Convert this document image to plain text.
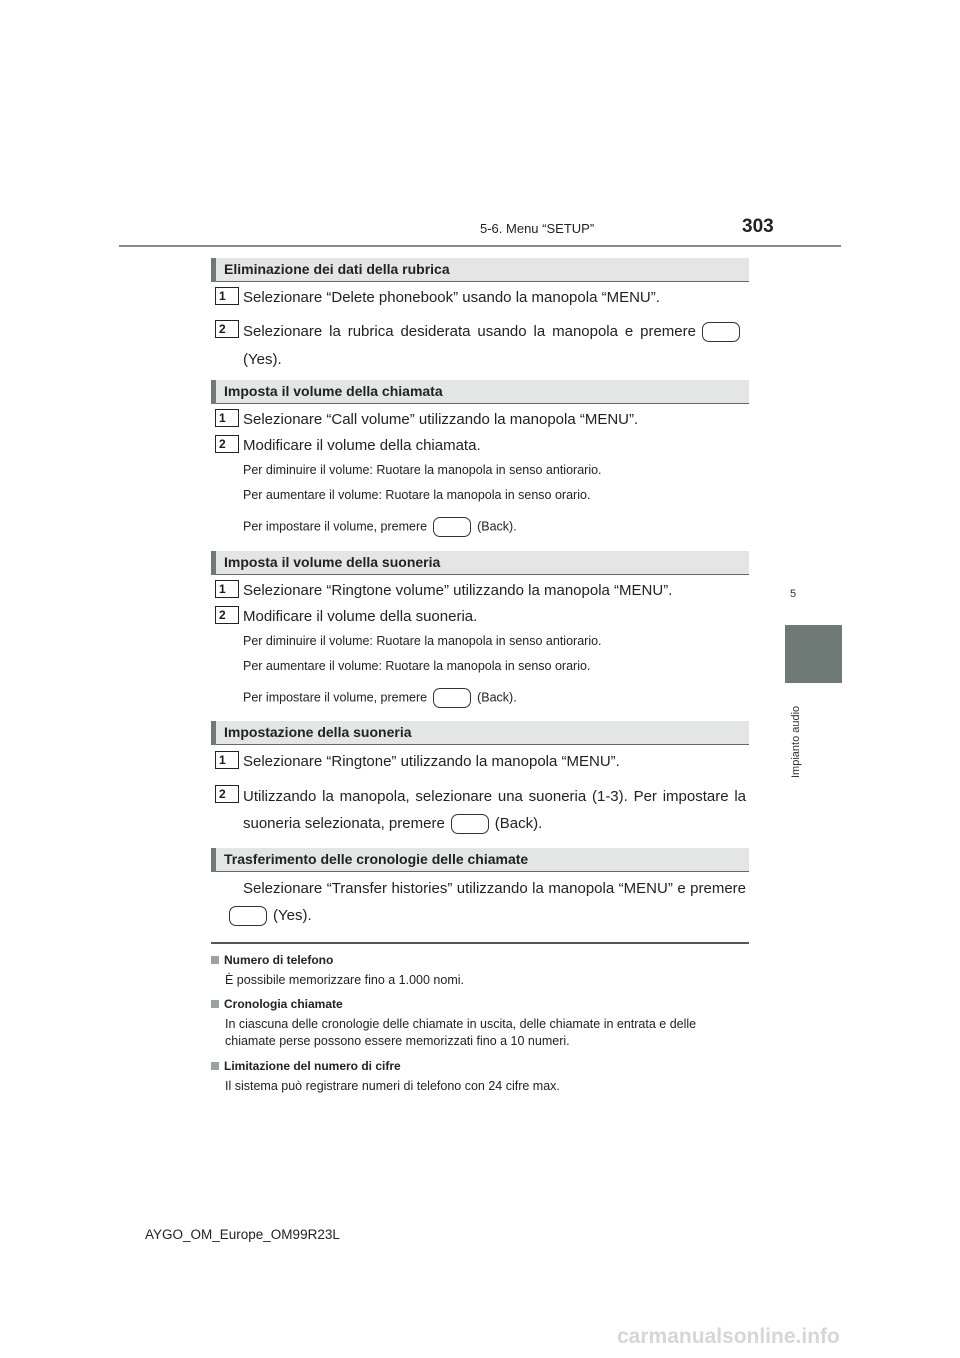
5-6. Menu “SETUP”	303
5
Impianto audio
Eliminazione dei dati della rubrica
1	Selezionare “Delete phonebook” usando la manopola “MENU”.
2	Selezionare la rubrica desiderata usando la manopola e premere
(Yes).
Imposta il volume della chiamata
1	Selezionare “Call volume” utilizzando la manopola “MENU”.
2	Modificare il volume della chiamata.
Per diminuire il volume: Ruotare la manopola in senso antiorario.
Per aumentare il volume: Ruotare la manopola in senso orario.
Per impostare il volume, premere	(Back).
Imposta il volume della suoneria
1	Selezionare “Ringtone volume” utilizzando la manopola “MENU”.
2	Modificare il volume della suoneria.
Per diminuire il volume: Ruotare la manopola in senso antiorario.
Per aumentare il volume: Ruotare la manopola in senso orario.
Per impostare il volume, premere	(Back).
Impostazione della suoneria
1	Selezionare “Ringtone” utilizzando la manopola “MENU”.
2	Utilizzando la manopola, selezionare una suoneria (1-3). Per impostare la
suoneria selezionata, premere	(Back).
Trasferimento delle cronologie delle chiamate
Selezionare “Transfer histories” utilizzando la manopola “MENU” e premere
(Yes).
Numero di telefono
È possibile memorizzare fino a 1.000 nomi.
Cronologia chiamate
In ciascuna delle cronologie delle chiamate in uscita, delle chiamate in entrata e delle chiamate perse possono essere memorizzati fino a 10 numeri.
Limitazione del numero di cifre
Il sistema può registrare numeri di telefono con 24 cifre max.
AYGO_OM_Europe_OM99R23L
carmanualsonline.info
